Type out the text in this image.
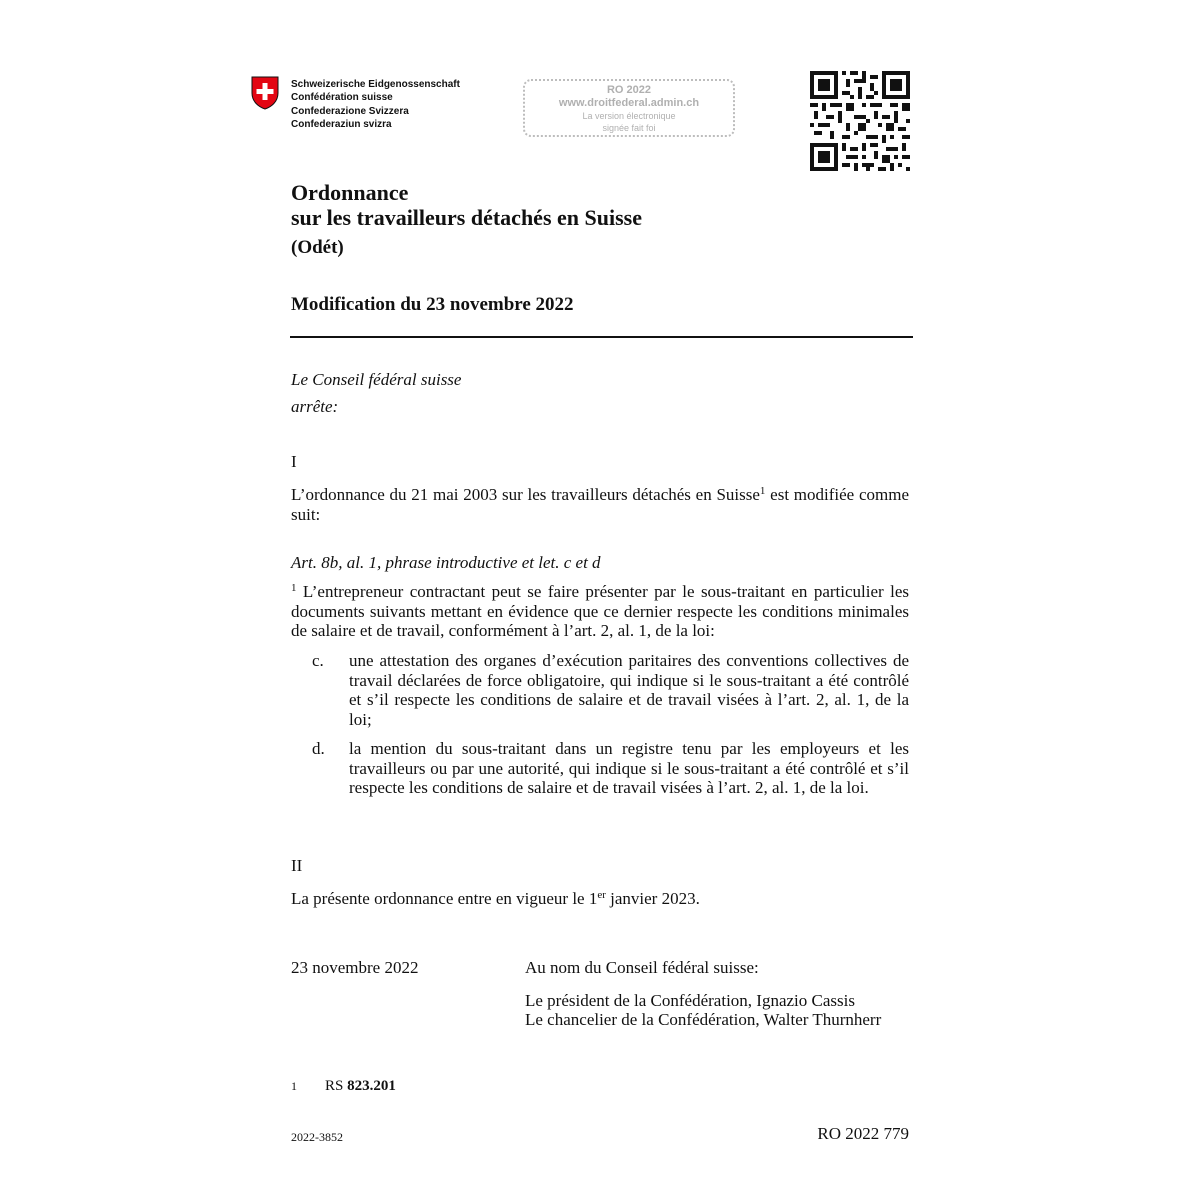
Schweizerische Eidgenossenschaft
Confédération suisse
Confederazione Svizzera
Confederaziun svizra
RO 2022
www.droitfederal.admin.ch
La version électronique
signée fait foi
Ordonnance
sur les travailleurs détachés en Suisse
(Odét)
Modification du 23 novembre 2022
Le Conseil fédéral suisse
arrête:
I
L’ordonnance du 21 mai 2003 sur les travailleurs détachés en Suisse$^1$ est modifiée comme suit:
Art. 8b, al. 1, phrase introductive et let. c et d
$^1$ L’entrepreneur contractant peut se faire présenter par le sous-traitant en particulier les documents suivants mettant en évidence que ce dernier respecte les conditions minimales de salaire et de travail, conformément à l’art. 2, al. 1, de la loi:
c. une attestation des organes d’exécution paritaires des conventions collectives de travail déclarées de force obligatoire, qui indique si le sous-traitant a été contrôlé et s’il respecte les conditions de salaire et de travail visées à l’art. 2, al. 1, de la loi;
d. la mention du sous-traitant dans un registre tenu par les employeurs et les travailleurs ou par une autorité, qui indique si le sous-traitant a été contrôlé et s’il respecte les conditions de salaire et de travail visées à l’art. 2, al. 1, de la loi.
II
La présente ordonnance entre en vigueur le 1er janvier 2023.
23 novembre 2022	Au nom du Conseil fédéral suisse:
Le président de la Confédération, Ignazio Cassis
Le chancelier de la Confédération, Walter Thurnherr
1 RS 823.201
2022-3852	RO 2022 779
